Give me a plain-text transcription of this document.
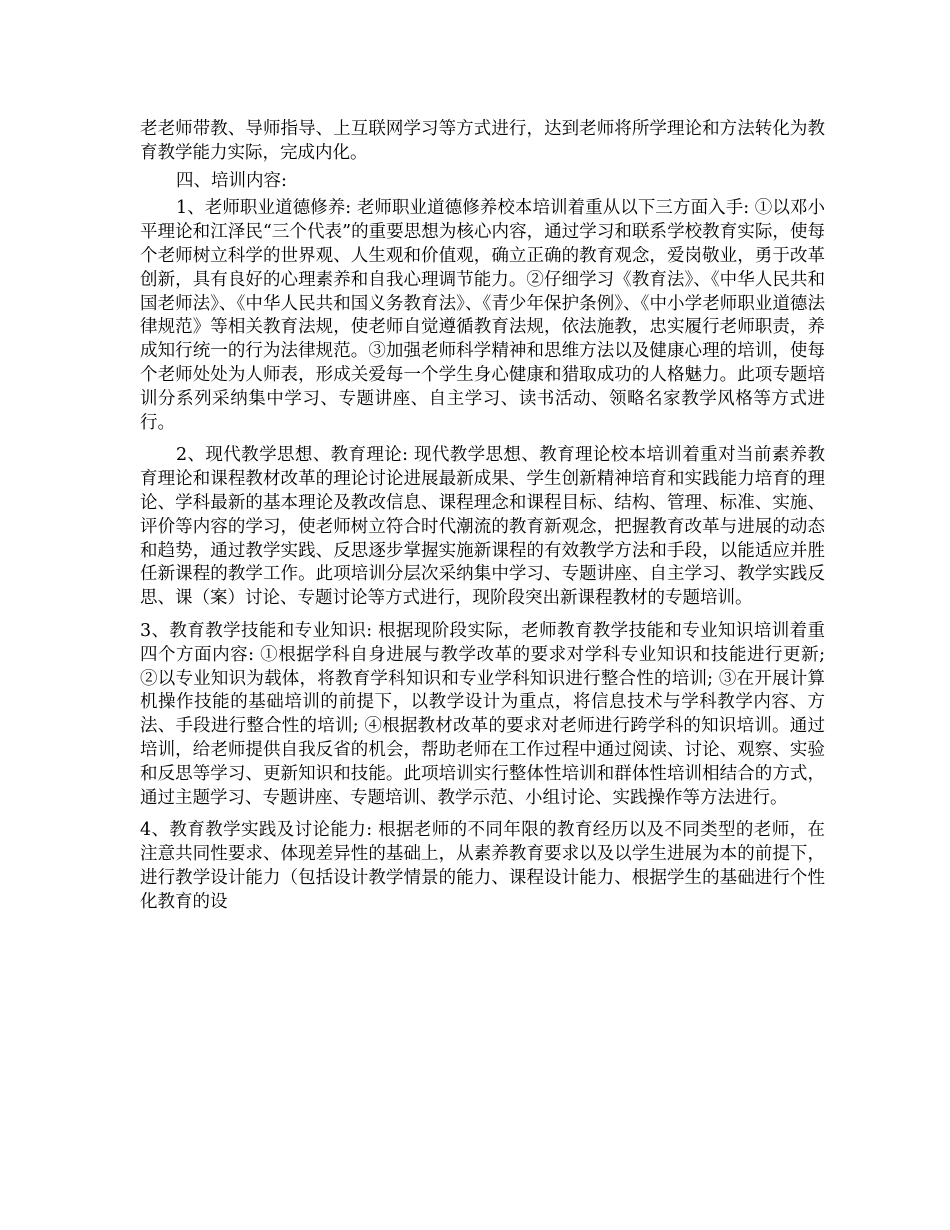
老老师带教、导师指导、上互联网学习等方式进行，达到老师将所学理论和方法转化为教育教学能力实际，完成内化。

四、培训内容:

1、老师职业道德修养: 老师职业道德修养校本培训着重从以下三方面入手: ①以邓小平理论和江泽民“三个代表”的重要思想为核心内容，通过学习和联系学校教育实际，使每个老师树立科学的世界观、人生观和价值观，确立正确的教育观念，爱岗敬业，勇于改革创新，具有良好的心理素养和自我心理调节能力。②仔细学习《教育法》、《中华人民共和国老师法》、《中华人民共和国义务教育法》、《青少年保护条例》、《中小学老师职业道德法律规范》等相关教育法规，使老师自觉遵循教育法规，依法施教，忠实履行老师职责，养成知行统一的行为法律规范。③加强老师科学精神和思维方法以及健康心理的培训，使每个老师处处为人师表，形成关爱每一个学生身心健康和猎取成功的人格魅力。此项专题培训分系列采纳集中学习、专题讲座、自主学习、读书活动、领略名家教学风格等方式进行。

2、现代教学思想、教育理论: 现代教学思想、教育理论校本培训着重对当前素养教育理论和课程教材改革的理论讨论进展最新成果、学生创新精神培育和实践能力培育的理论、学科最新的基本理论及教改信息、课程理念和课程目标、结构、管理、标准、实施、评价等内容的学习，使老师树立符合时代潮流的教育新观念，把握教育改革与进展的动态和趋势，通过教学实践、反思逐步掌握实施新课程的有效教学方法和手段，以能适应并胜任新课程的教学工作。此项培训分层次采纳集中学习、专题讲座、自主学习、教学实践反思、课（案）讨论、专题讨论等方式进行，现阶段突出新课程教材的专题培训。

3、教育教学技能和专业知识: 根据现阶段实际，老师教育教学技能和专业知识培训着重四个方面内容: ①根据学科自身进展与教学改革的要求对学科专业知识和技能进行更新; ②以专业知识为载体，将教育学科知识和专业学科知识进行整合性的培训; ③在开展计算机操作技能的基础培训的前提下，以教学设计为重点，将信息技术与学科教学内容、方法、手段进行整合性的培训; ④根据教材改革的要求对老师进行跨学科的知识培训。通过培训，给老师提供自我反省的机会，帮助老师在工作过程中通过阅读、讨论、观察、实验和反思等学习、更新知识和技能。此项培训实行整体性培训和群体性培训相结合的方式，通过主题学习、专题讲座、专题培训、教学示范、小组讨论、实践操作等方法进行。

4、教育教学实践及讨论能力: 根据老师的不同年限的教育经历以及不同类型的老师，在注意共同性要求、体现差异性的基础上，从素养教育要求以及以学生进展为本的前提下，进行教学设计能力（包括设计教学情景的能力、课程设计能力、根据学生的基础进行个性化教育的设
